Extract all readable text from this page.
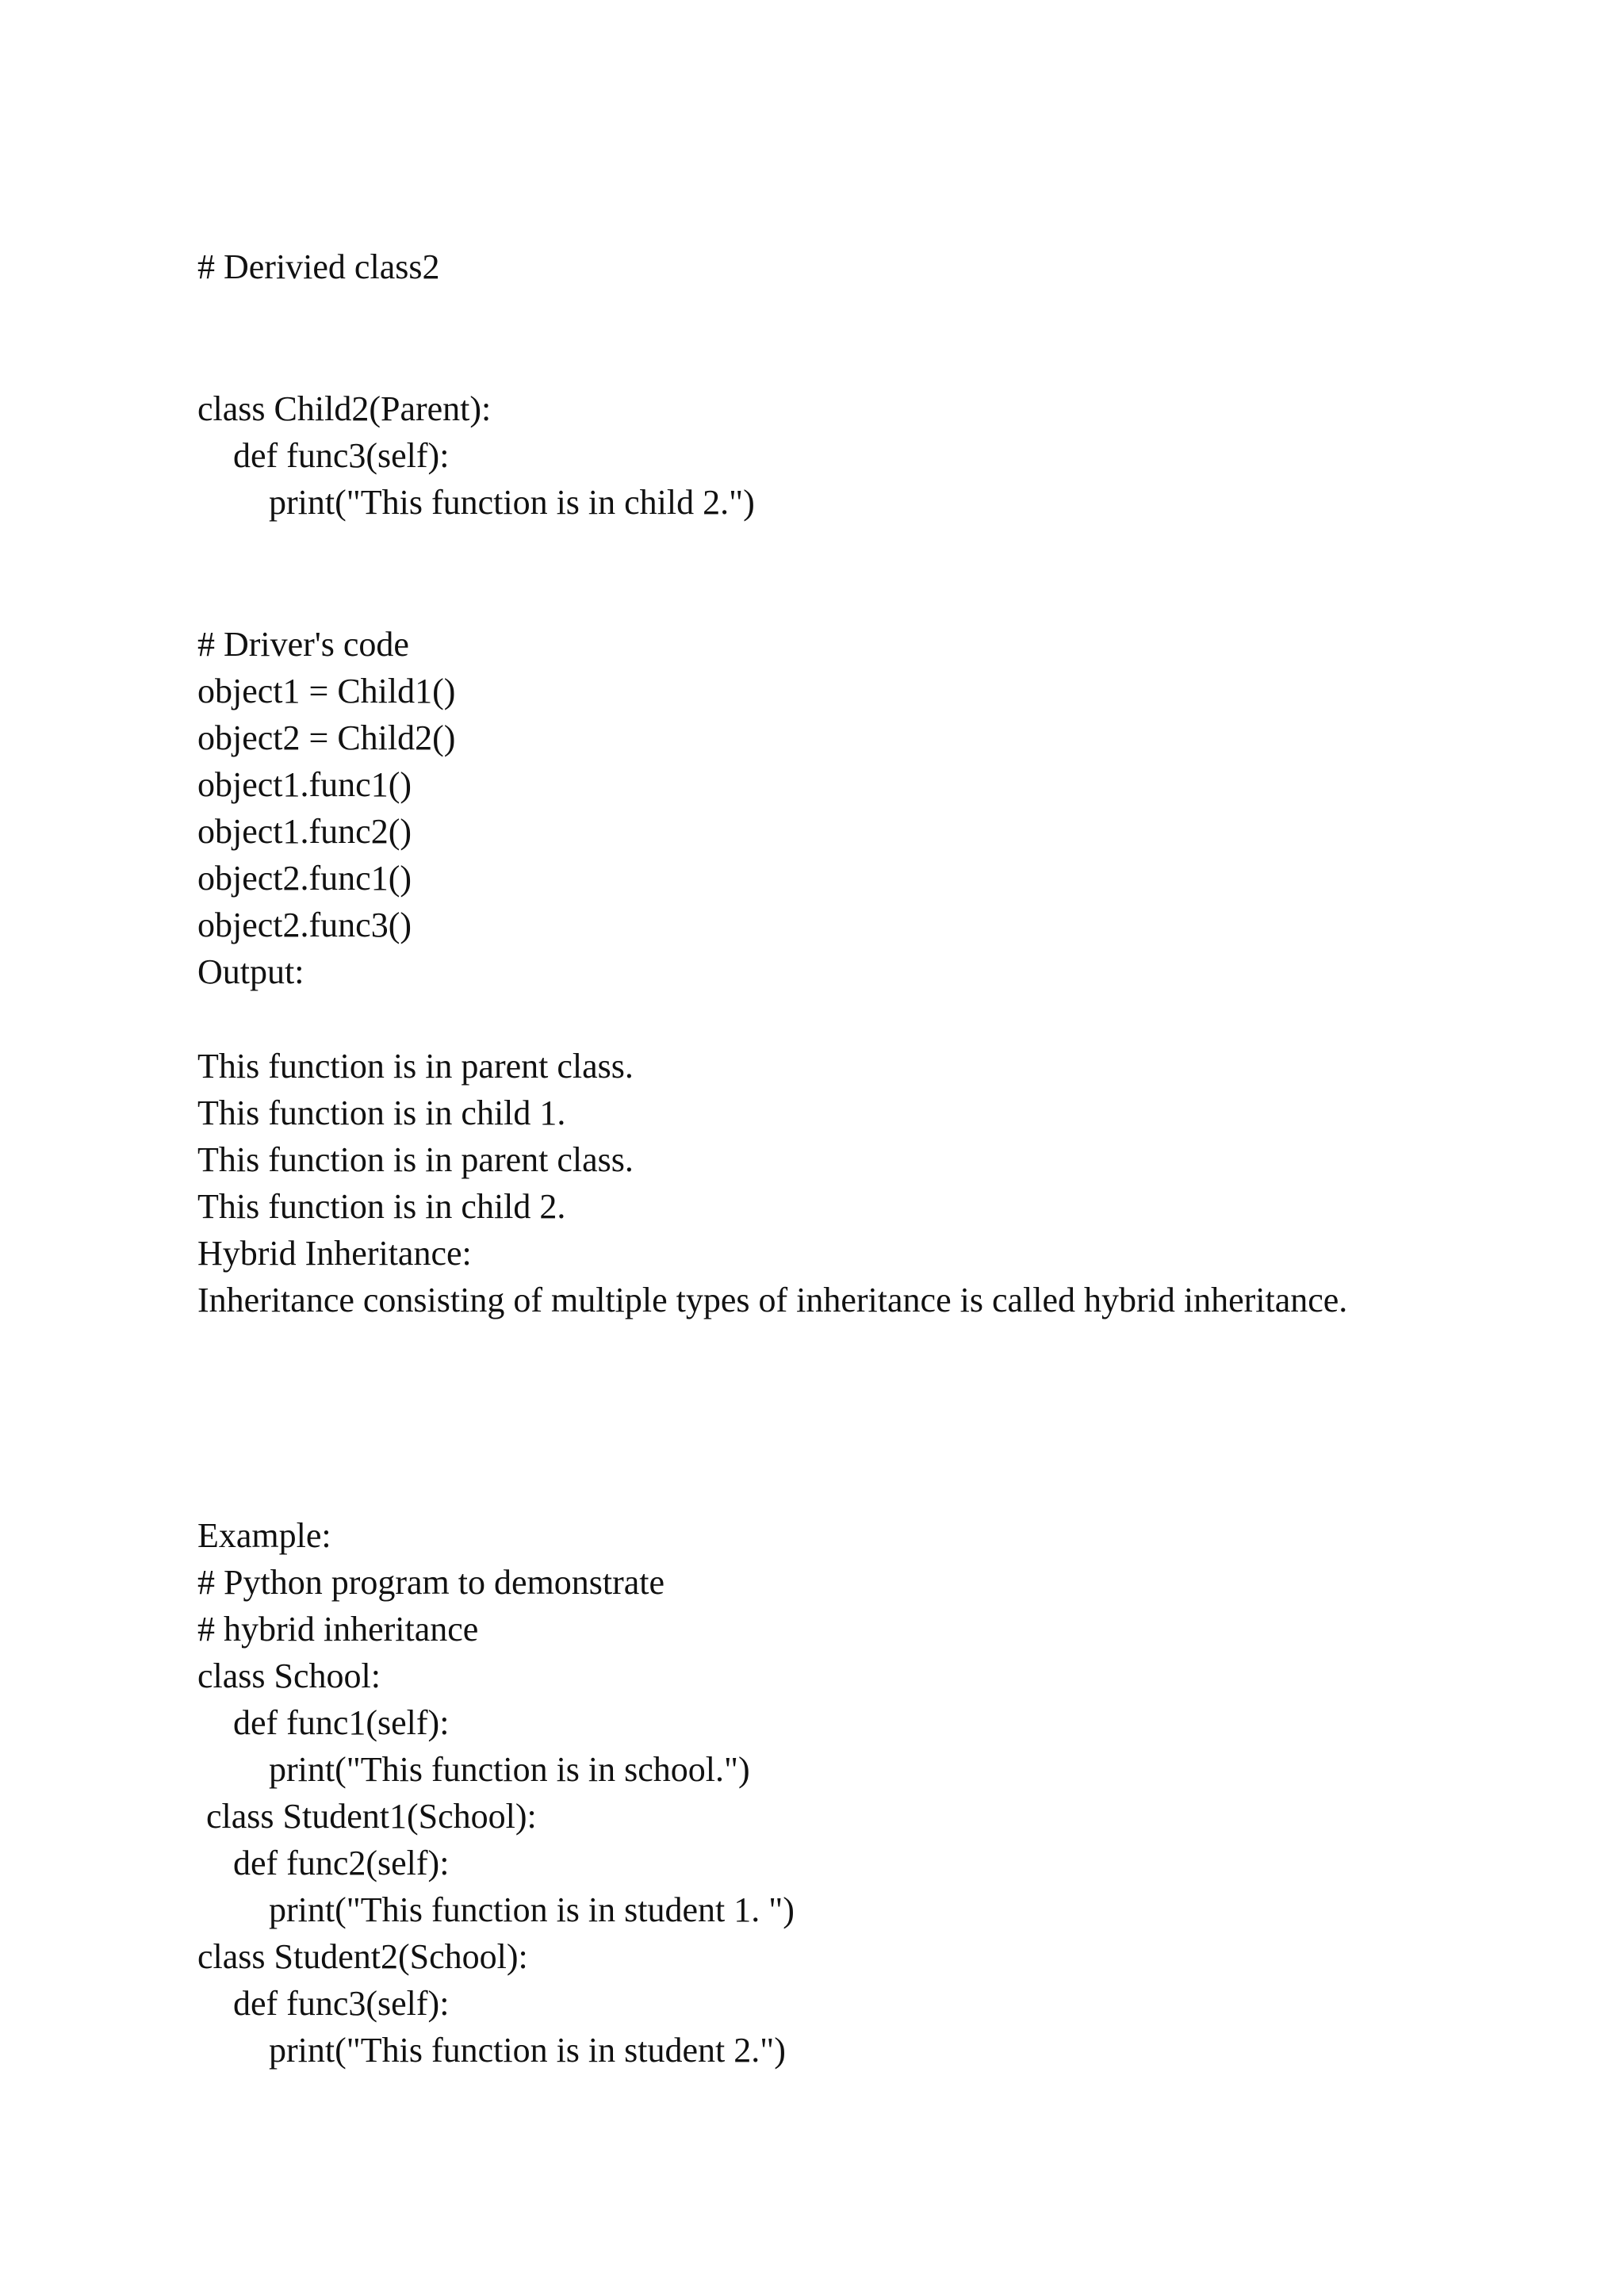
# Derivied class2

class Child2(Parent):

def func3(self):

print("This function is in child 2.")

# Driver's code

object1 = Child1()

object2 = Child2()

object1.func1()

object1.func2()

object2.func1()

object2.func3()

Output:

This function is in parent class.

This function is in child 1.

This function is in parent class.

This function is in child 2.

Hybrid Inheritance:

Inheritance consisting of multiple types of inheritance is called hybrid inheritance.

Example:

# Python program to demonstrate

# hybrid inheritance

class School:

def func1(self):

print("This function is in school.")

class Student1(School):

def func2(self):

print("This function is in student 1. ")

class Student2(School):

def func3(self):

print("This function is in student 2.")
